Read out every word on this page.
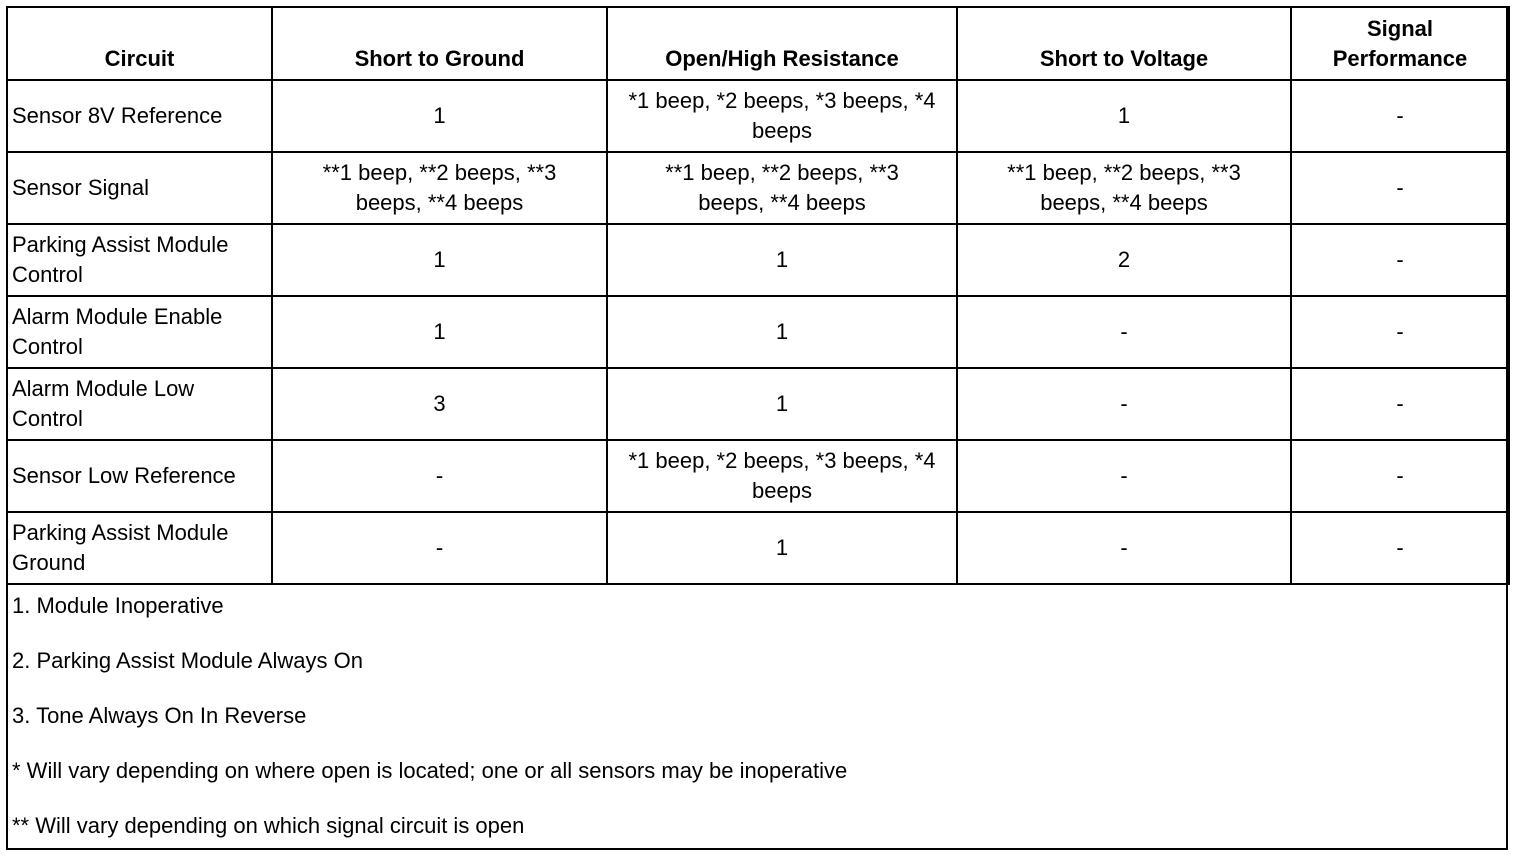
Circuit	Short to Ground	Open/High Resistance	Short to Voltage	Signal Performance
Sensor 8V Reference	1	*1 beep, *2 beeps, *3 beeps, *4 beeps	1	-
Sensor Signal	**1 beep, **2 beeps, **3 beeps, **4 beeps	**1 beep, **2 beeps, **3 beeps, **4 beeps	**1 beep, **2 beeps, **3 beeps, **4 beeps	-
Parking Assist Module Control	1	1	2	-
Alarm Module Enable Control	1	1	-	-
Alarm Module Low Control	3	1	-	-
Sensor Low Reference	-	*1 beep, *2 beeps, *3 beeps, *4 beeps	-	-
Parking Assist Module Ground	-	1	-	-
1. Module Inoperative
2. Parking Assist Module Always On
3. Tone Always On In Reverse
* Will vary depending on where open is located; one or all sensors may be inoperative
** Will vary depending on which signal circuit is open
